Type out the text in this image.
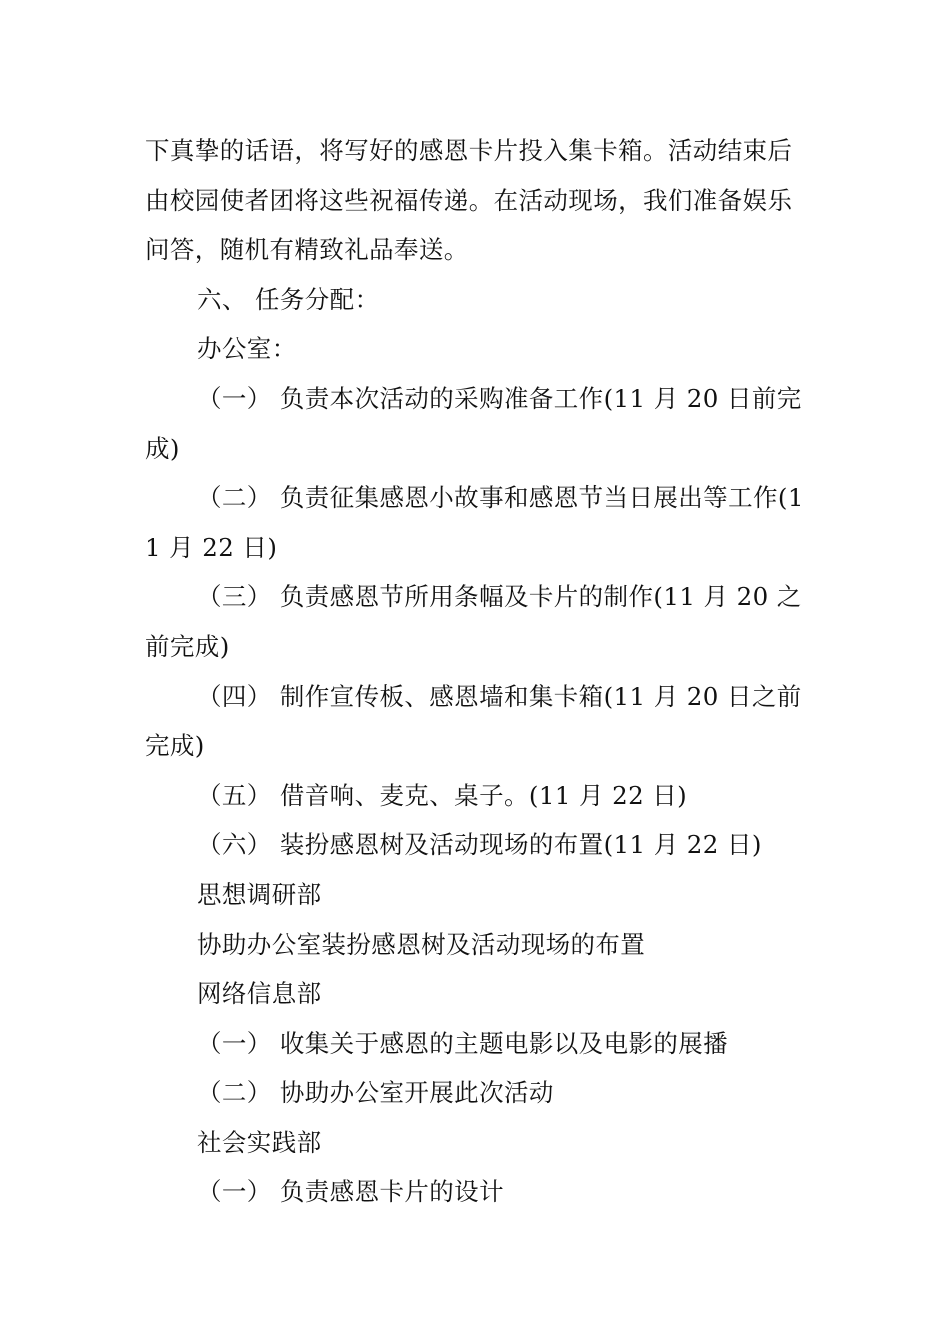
下真挚的话语，将写好的感恩卡片投入集卡箱。活动结束后由校园使者团将这些祝福传递。在活动现场，我们准备娱乐问答，随机有精致礼品奉送。

六、 任务分配：

办公室：

（一） 负责本次活动的采购准备工作(11 月 20 日前完成)

（二） 负责征集感恩小故事和感恩节当日展出等工作(11 月 22 日)

（三） 负责感恩节所用条幅及卡片的制作(11 月 20 之前完成)

（四） 制作宣传板、感恩墙和集卡箱(11 月 20 日之前完成)

（五） 借音响、麦克、桌子。(11 月 22 日)

（六） 装扮感恩树及活动现场的布置(11 月 22 日)

思想调研部

协助办公室装扮感恩树及活动现场的布置

网络信息部

（一） 收集关于感恩的主题电影以及电影的展播

（二） 协助办公室开展此次活动

社会实践部

（一） 负责感恩卡片的设计
